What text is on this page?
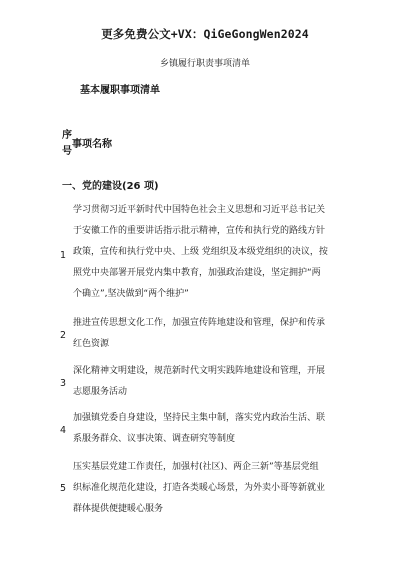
更多免费公文+VX：QiGeGongWen2024
乡镇履行职责事项清单
基本履职事项清单
序
号
事项名称
一、党的建设(26 项)
1
学习贯彻习近平新时代中国特色社会主义思想和习近平总书记关
于安徽工作的重要讲话指示批示精神，宣传和执行党的路线方针
政策，宣传和执行党中央、上级 党组织及本级党组织的决议，按
照党中央部署开展党内集中教育，加强政治建设，坚定拥护“两
个确立”,坚决做到“两个维护”
2
推进宣传思想文化工作，加强宣传阵地建设和管理，保护和传承
红色资源
3
深化精神文明建设，规范新时代文明实践阵地建设和管理，开展
志愿服务活动
4
加强镇党委自身建设，坚持民主集中制，落实党内政治生活、联
系服务群众、议事决策、调查研究等制度
5
压实基层党建工作责任，加强村(社区)、两企三新”等基层党组
织标准化规范化建设，打造各类暖心场景，为外卖小哥等新就业
群体提供便捷暖心服务
